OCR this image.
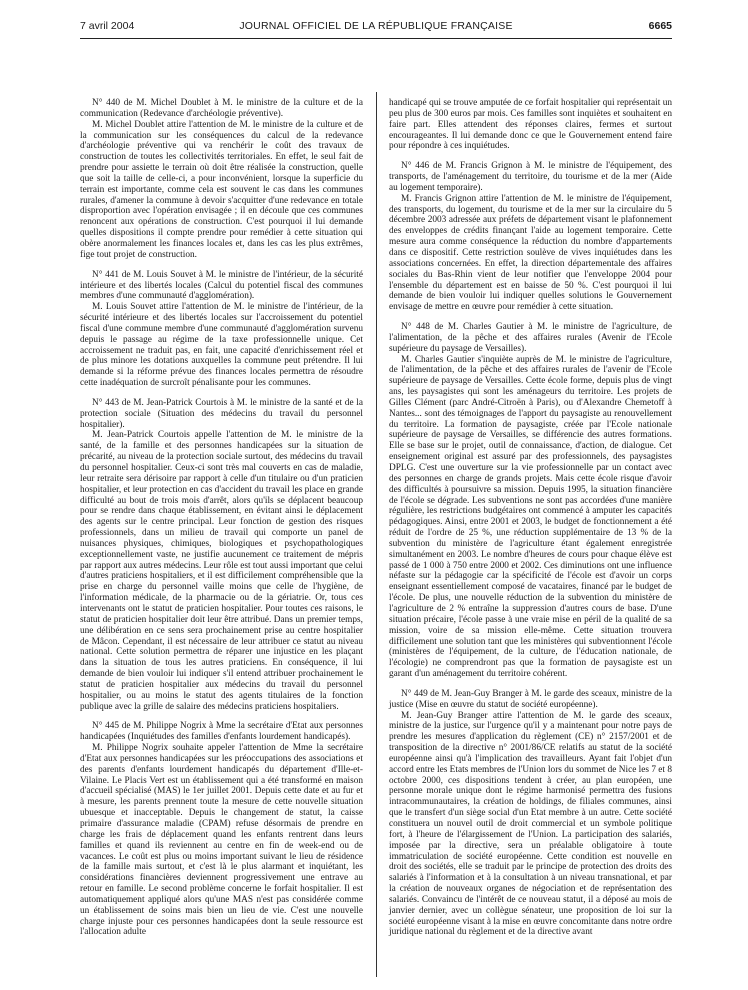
7 avril 2004	JOURNAL OFFICIEL DE LA RÉPUBLIQUE FRANÇAISE	6665

N° 440 de M. Michel Doublet à M. le ministre de la culture et de la communication (Redevance d'archéologie préventive).

M. Michel Doublet attire l'attention de M. le ministre de la culture et de la communication sur les conséquences du calcul de la redevance d'archéologie préventive qui va renchérir le coût des travaux de construction de toutes les collectivités territoriales. En effet, le seul fait de prendre pour assiette le terrain où doit être réalisée la construction, quelle que soit la taille de celle-ci, a pour inconvénient, lorsque la superficie du terrain est importante, comme cela est souvent le cas dans les communes rurales, d'amener la commune à devoir s'acquitter d'une redevance en totale disproportion avec l'opération envisagée ; il en découle que ces communes renoncent aux opérations de construction. C'est pourquoi il lui demande quelles dispositions il compte prendre pour remédier à cette situation qui obère anormalement les finances locales et, dans les cas les plus extrêmes, fige tout projet de construction.

N° 441 de M. Louis Souvet à M. le ministre de l'intérieur, de la sécurité intérieure et des libertés locales (Calcul du potentiel fiscal des communes membres d'une communauté d'agglomération).

M. Louis Souvet attire l'attention de M. le ministre de l'intérieur, de la sécurité intérieure et des libertés locales sur l'accroissement du potentiel fiscal d'une commune membre d'une communauté d'agglomération survenu depuis le passage au régime de la taxe professionnelle unique. Cet accroissement ne traduit pas, en fait, une capacité d'enrichissement réel et de plus minore les dotations auxquelles la commune peut prétendre. Il lui demande si la réforme prévue des finances locales permettra de résoudre cette inadéquation de surcroît pénalisante pour les communes.

N° 443 de M. Jean-Patrick Courtois à M. le ministre de la santé et de la protection sociale (Situation des médecins du travail du personnel hospitalier).

M. Jean-Patrick Courtois appelle l'attention de M. le ministre de la santé, de la famille et des personnes handicapées sur la situation de précarité, au niveau de la protection sociale surtout, des médecins du travail du personnel hospitalier. Ceux-ci sont très mal couverts en cas de maladie, leur retraite sera dérisoire par rapport à celle d'un titulaire ou d'un praticien hospitalier, et leur protection en cas d'accident du travail les place en grande difficulté au bout de trois mois d'arrêt, alors qu'ils se déplacent beaucoup pour se rendre dans chaque établissement, en évitant ainsi le déplacement des agents sur le centre principal. Leur fonction de gestion des risques professionnels, dans un milieu de travail qui comporte un panel de nuisances physiques, chimiques, biologiques et psychopathologiques exceptionnellement vaste, ne justifie aucunement ce traitement de mépris par rapport aux autres médecins. Leur rôle est tout aussi important que celui d'autres praticiens hospitaliers, et il est difficilement compréhensible que la prise en charge du personnel vaille moins que celle de l'hygiène, de l'information médicale, de la pharmacie ou de la gériatrie. Or, tous ces intervenants ont le statut de praticien hospitalier. Pour toutes ces raisons, le statut de praticien hospitalier doit leur être attribué. Dans un premier temps, une délibération en ce sens sera prochainement prise au centre hospitalier de Mâcon. Cependant, il est nécessaire de leur attribuer ce statut au niveau national. Cette solution permettra de réparer une injustice en les plaçant dans la situation de tous les autres praticiens. En conséquence, il lui demande de bien vouloir lui indiquer s'il entend attribuer prochainement le statut de praticien hospitalier aux médecins du travail du personnel hospitalier, ou au moins le statut des agents titulaires de la fonction publique avec la grille de salaire des médecins praticiens hospitaliers.

N° 445 de M. Philippe Nogrix à Mme la secrétaire d'Etat aux personnes handicapées (Inquiétudes des familles d'enfants lourdement handicapés).

M. Philippe Nogrix souhaite appeler l'attention de Mme la secrétaire d'Etat aux personnes handicapées sur les préoccupations des associations et des parents d'enfants lourdement handicapés du département d'Ille-et-Vilaine. Le Placis Vert est un établissement qui a été transformé en maison d'accueil spécialisé (MAS) le 1er juillet 2001. Depuis cette date et au fur et à mesure, les parents prennent toute la mesure de cette nouvelle situation ubuesque et inacceptable. Depuis le changement de statut, la caisse primaire d'assurance maladie (CPAM) refuse désormais de prendre en charge les frais de déplacement quand les enfants rentrent dans leurs familles et quand ils reviennent au centre en fin de week-end ou de vacances. Le coût est plus ou moins important suivant le lieu de résidence de la famille mais surtout, et c'est là le plus alarmant et inquiétant, les considérations financières deviennent progressivement une entrave au retour en famille. Le second problème concerne le forfait hospitalier. Il est automatiquement appliqué alors qu'une MAS n'est pas considérée comme un établissement de soins mais bien un lieu de vie. C'est une nouvelle charge injuste pour ces personnes handicapées dont la seule ressource est l'allocation adulte

handicapé qui se trouve amputée de ce forfait hospitalier qui représentait un peu plus de 300 euros par mois. Ces familles sont inquiètes et souhaitent en faire part. Elles attendent des réponses claires, fermes et surtout encourageantes. Il lui demande donc ce que le Gouvernement entend faire pour répondre à ces inquiétudes.

N° 446 de M. Francis Grignon à M. le ministre de l'équipement, des transports, de l'aménagement du territoire, du tourisme et de la mer (Aide au logement temporaire).

M. Francis Grignon attire l'attention de M. le ministre de l'équipement, des transports, du logement, du tourisme et de la mer sur la circulaire du 5 décembre 2003 adressée aux préfets de département visant le plafonnement des enveloppes de crédits finançant l'aide au logement temporaire. Cette mesure aura comme conséquence la réduction du nombre d'appartements dans ce dispositif. Cette restriction soulève de vives inquiétudes dans les associations concernées. En effet, la direction départementale des affaires sociales du Bas-Rhin vient de leur notifier que l'enveloppe 2004 pour l'ensemble du département est en baisse de 50 %. C'est pourquoi il lui demande de bien vouloir lui indiquer quelles solutions le Gouvernement envisage de mettre en œuvre pour remédier à cette situation.

N° 448 de M. Charles Gautier à M. le ministre de l'agriculture, de l'alimentation, de la pêche et des affaires rurales (Avenir de l'Ecole supérieure du paysage de Versailles).

M. Charles Gautier s'inquiète auprès de M. le ministre de l'agriculture, de l'alimentation, de la pêche et des affaires rurales de l'avenir de l'Ecole supérieure de paysage de Versailles. Cette école forme, depuis plus de vingt ans, les paysagistes qui sont les aménageurs du territoire. Les projets de Gilles Clément (parc André-Citroën à Paris), ou d'Alexandre Chemetoff à Nantes... sont des témoignages de l'apport du paysagiste au renouvellement du territoire. La formation de paysagiste, créée par l'Ecole nationale supérieure de paysage de Versailles, se différencie des autres formations. Elle se base sur le projet, outil de connaissance, d'action, de dialogue. Cet enseignement original est assuré par des professionnels, des paysagistes DPLG. C'est une ouverture sur la vie professionnelle par un contact avec des personnes en charge de grands projets. Mais cette école risque d'avoir des difficultés à poursuivre sa mission. Depuis 1995, la situation financière de l'école se dégrade. Les subventions ne sont pas accordées d'une manière régulière, les restrictions budgétaires ont commencé à amputer les capacités pédagogiques. Ainsi, entre 2001 et 2003, le budget de fonctionnement a été réduit de l'ordre de 25 %, une réduction supplémentaire de 13 % de la subvention du ministère de l'agriculture étant également enregistrée simultanément en 2003. Le nombre d'heures de cours pour chaque élève est passé de 1 000 à 750 entre 2000 et 2002. Ces diminutions ont une influence néfaste sur la pédagogie car la spécificité de l'école est d'avoir un corps enseignant essentiellement composé de vacataires, financé par le budget de l'école. De plus, une nouvelle réduction de la subvention du ministère de l'agriculture de 2 % entraîne la suppression d'autres cours de base. D'une situation précaire, l'école passe à une vraie mise en péril de la qualité de sa mission, voire de sa mission elle-même. Cette situation trouvera difficilement une solution tant que les ministères qui subventionnent l'école (ministères de l'équipement, de la culture, de l'éducation nationale, de l'écologie) ne comprendront pas que la formation de paysagiste est un garant d'un aménagement du territoire cohérent.

N° 449 de M. Jean-Guy Branger à M. le garde des sceaux, ministre de la justice (Mise en œuvre du statut de société européenne).

M. Jean-Guy Branger attire l'attention de M. le garde des sceaux, ministre de la justice, sur l'urgence qu'il y a maintenant pour notre pays de prendre les mesures d'application du règlement (CE) n° 2157/2001 et de transposition de la directive n° 2001/86/CE relatifs au statut de la société européenne ainsi qu'à l'implication des travailleurs. Ayant fait l'objet d'un accord entre les Etats membres de l'Union lors du sommet de Nice les 7 et 8 octobre 2000, ces dispositions tendent à créer, au plan européen, une personne morale unique dont le régime harmonisé permettra des fusions intracommunautaires, la création de holdings, de filiales communes, ainsi que le transfert d'un siège social d'un Etat membre à un autre. Cette société constituera un nouvel outil de droit commercial et un symbole politique fort, à l'heure de l'élargissement de l'Union. La participation des salariés, imposée par la directive, sera un préalable obligatoire à toute immatriculation de société européenne. Cette condition est nouvelle en droit des sociétés, elle se traduit par le principe de protection des droits des salariés à l'information et à la consultation à un niveau transnational, et par la création de nouveaux organes de négociation et de représentation des salariés. Convaincu de l'intérêt de ce nouveau statut, il a déposé au mois de janvier dernier, avec un collègue sénateur, une proposition de loi sur la société européenne visant à la mise en œuvre concomitante dans notre ordre juridique national du règlement et de la directive avant
